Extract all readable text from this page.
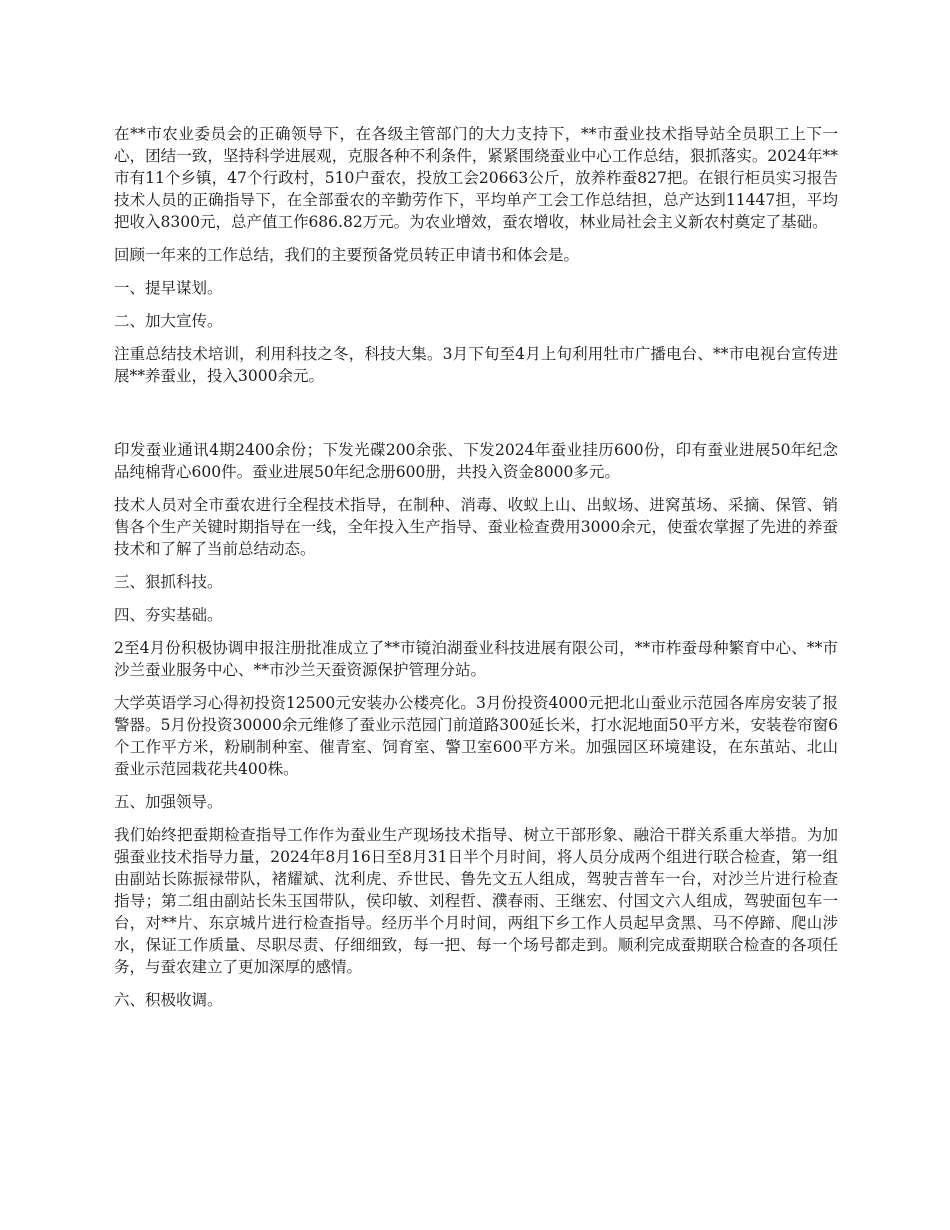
在**市农业委员会的正确领导下，在各级主管部门的大力支持下，**市蚕业技术指导站全员职工上下一心，团结一致，坚持科学进展观，克服各种不利条件，紧紧围绕蚕业中心工作总结，狠抓落实。2024年**市有11个乡镇，47个行政村，510户蚕农，投放工会20663公斤，放养柞蚕827把。在银行柜员实习报告技术人员的正确指导下，在全部蚕农的辛勤劳作下，平均单产工会工作总结担，总产达到11447担，平均把收入8300元，总产值工作686.82万元。为农业增效，蚕农增收，林业局社会主义新农村奠定了基础。

回顾一年来的工作总结，我们的主要预备党员转正申请书和体会是。

一、提早谋划。

二、加大宣传。

注重总结技术培训，利用科技之冬，科技大集。3月下旬至4月上旬利用牡市广播电台、**市电视台宣传进展**养蚕业，投入3000余元。

印发蚕业通讯4期2400余份；下发光碟200余张、下发2024年蚕业挂历600份，印有蚕业进展50年纪念品纯棉背心600件。蚕业进展50年纪念册600册，共投入资金8000多元。

技术人员对全市蚕农进行全程技术指导，在制种、消毒、收蚁上山、出蚁场、进窝茧场、采摘、保管、销售各个生产关键时期指导在一线，全年投入生产指导、蚕业检查费用3000余元，使蚕农掌握了先进的养蚕技术和了解了当前总结动态。

三、狠抓科技。

四、夯实基础。

2至4月份积极协调申报注册批准成立了**市镜泊湖蚕业科技进展有限公司，**市柞蚕母种繁育中心、**市沙兰蚕业服务中心、**市沙兰天蚕资源保护管理分站。

大学英语学习心得初投资12500元安装办公楼亮化。3月份投资4000元把北山蚕业示范园各库房安装了报警器。5月份投资30000余元维修了蚕业示范园门前道路300延长米，打水泥地面50平方米，安装卷帘窗6个工作平方米，粉刷制种室、催青室、饲育室、警卫室600平方米。加强园区环境建设，在东茧站、北山蚕业示范园栽花共400株。

五、加强领导。

我们始终把蚕期检查指导工作作为蚕业生产现场技术指导、树立干部形象、融洽干群关系重大举措。为加强蚕业技术指导力量，2024年8月16日至8月31日半个月时间，将人员分成两个组进行联合检查，第一组由副站长陈振禄带队，褚耀斌、沈利虎、乔世民、鲁先文五人组成，驾驶吉普车一台，对沙兰片进行检查指导；第二组由副站长朱玉国带队，侯印敏、刘程哲、濮春雨、王继宏、付国文六人组成，驾驶面包车一台，对**片、东京城片进行检查指导。经历半个月时间，两组下乡工作人员起早贪黑、马不停蹄、爬山涉水，保证工作质量、尽职尽责、仔细细致，每一把、每一个场号都走到。顺利完成蚕期联合检查的各项任务，与蚕农建立了更加深厚的感情。

六、积极收调。
